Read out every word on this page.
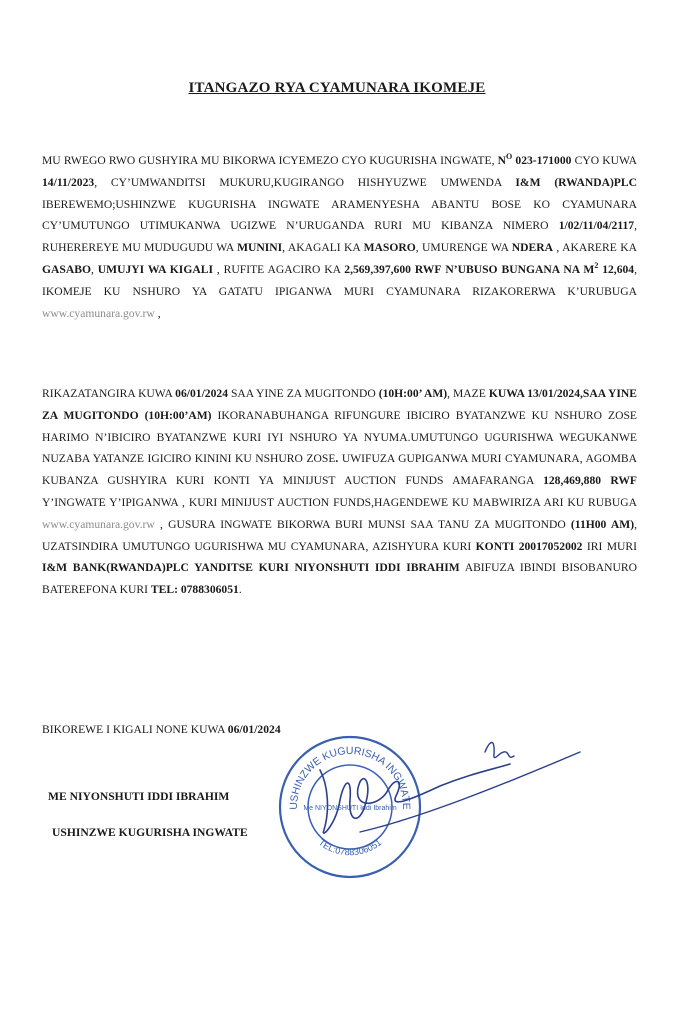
ITANGAZO RYA CYAMUNARA IKOMEJE
MU RWEGO RWO GUSHYIRA MU BIKORWA ICYEMEZO CYO KUGURISHA INGWATE, $N^O$ 023-171000 CYO KUWA 14/11/2023, CY’UMWANDITSI MUKURU,KUGIRANGO HISHYUZWE UMWENDA I&M (RWANDA)PLC IBEREWEMO;USHINZWE KUGURISHA INGWATE ARAMENYESHA ABANTU BOSE KO CYAMUNARA CY’UMUTUNGO UTIMUKANWA UGIZWE N’URUGANDA RURI MU KIBANZA NIMERO 1/02/11/04/2117, RUHEREREYE MU MUDUGUDU WA MUNINI, AKAGALI KA MASORO, UMURENGE WA NDERA , AKARERE KA GASABO, UMUJYI WA KIGALI , RUFITE AGACIRO KA 2,569,397,600 RWF N’UBUSO BUNGANA NA $M^2$ 12,604, IKOMEJE KU NSHURO YA GATATU IPIGANWA MURI CYAMUNARA RIZAKORERWA K’URUBUGA www.cyamunara.gov.rw ,
RIKAZATANGIRA KUWA 06/01/2024 SAA YINE ZA MUGITONDO (10H:00’ AM), MAZE KUWA 13/01/2024,SAA YINE ZA MUGITONDO (10H:00’AM) IKORANABUHANGA RIFUNGURE IBICIRO BYATANZWE KU NSHURO ZOSE HARIMO N’IBICIRO BYATANZWE KURI IYI NSHURO YA NYUMA.UMUTUNGO UGURISHWA WEGUKANWE NUZABA YATANZE IGICIRO KININI KU NSHURO ZOSE. UWIFUZA GUPIGANWA MURI CYAMUNARA, AGOMBA KUBANZA GUSHYIRA KURI KONTI YA MINIJUST AUCTION FUNDS AMAFARANGA 128,469,880 RWF Y’INGWATE Y’IPIGANWA , KURI MINIJUST AUCTION FUNDS,HAGENDEWE KU MABWIRIZA ARI KU RUBUGA www.cyamunara.gov.rw , GUSURA INGWATE BIKORWA BURI MUNSI SAA TANU ZA MUGITONDO (11H00 AM), UZATSINDIRA UMUTUNGO UGURISHWA MU CYAMUNARA, AZISHYURA KURI KONTI 20017052002 IRI MURI I&M BANK(RWANDA)PLC YANDITSE KURI NIYONSHUTI IDDI IBRAHIM ABIFUZA IBINDI BISOBANURO BATEREFONA KURI TEL: 0788306051.
BIKOREWE I KIGALI NONE KUWA 06/01/2024
ME NIYONSHUTI IDDI IBRAHIM
USHINZWE KUGURISHA INGWATE
USHINZWE KUGURISHA INGWATE
TEL:0788306051
Me NIYONSHUTI Iddi Ibrahim
